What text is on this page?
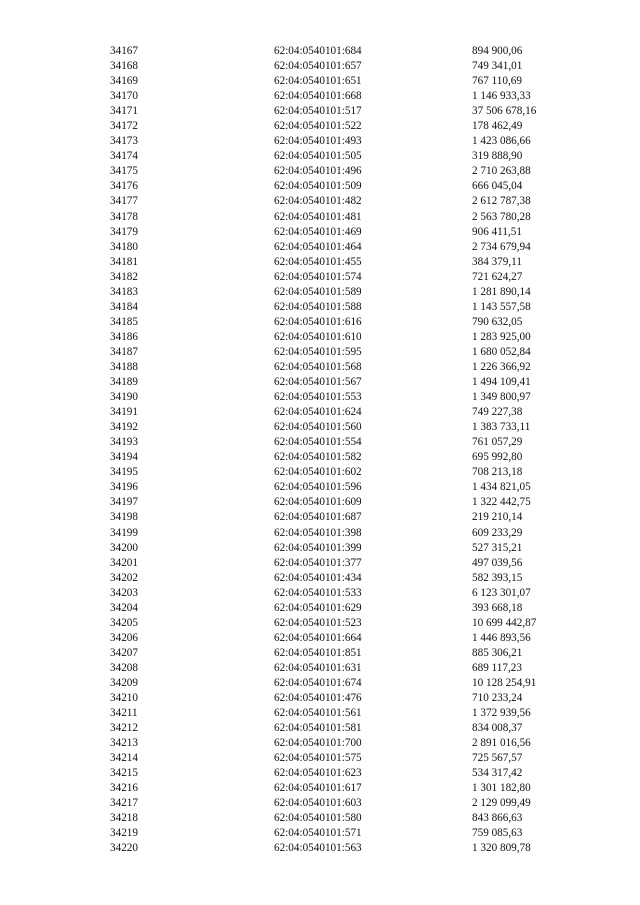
34167	62:04:0540101:684	894 900,06
34168	62:04:0540101:657	749 341,01
34169	62:04:0540101:651	767 110,69
34170	62:04:0540101:668	1 146 933,33
34171	62:04:0540101:517	37 506 678,16
34172	62:04:0540101:522	178 462,49
34173	62:04:0540101:493	1 423 086,66
34174	62:04:0540101:505	319 888,90
34175	62:04:0540101:496	2 710 263,88
34176	62:04:0540101:509	666 045,04
34177	62:04:0540101:482	2 612 787,38
34178	62:04:0540101:481	2 563 780,28
34179	62:04:0540101:469	906 411,51
34180	62:04:0540101:464	2 734 679,94
34181	62:04:0540101:455	384 379,11
34182	62:04:0540101:574	721 624,27
34183	62:04:0540101:589	1 281 890,14
34184	62:04:0540101:588	1 143 557,58
34185	62:04:0540101:616	790 632,05
34186	62:04:0540101:610	1 283 925,00
34187	62:04:0540101:595	1 680 052,84
34188	62:04:0540101:568	1 226 366,92
34189	62:04:0540101:567	1 494 109,41
34190	62:04:0540101:553	1 349 800,97
34191	62:04:0540101:624	749 227,38
34192	62:04:0540101:560	1 383 733,11
34193	62:04:0540101:554	761 057,29
34194	62:04:0540101:582	695 992,80
34195	62:04:0540101:602	708 213,18
34196	62:04:0540101:596	1 434 821,05
34197	62:04:0540101:609	1 322 442,75
34198	62:04:0540101:687	219 210,14
34199	62:04:0540101:398	609 233,29
34200	62:04:0540101:399	527 315,21
34201	62:04:0540101:377	497 039,56
34202	62:04:0540101:434	582 393,15
34203	62:04:0540101:533	6 123 301,07
34204	62:04:0540101:629	393 668,18
34205	62:04:0540101:523	10 699 442,87
34206	62:04:0540101:664	1 446 893,56
34207	62:04:0540101:851	885 306,21
34208	62:04:0540101:631	689 117,23
34209	62:04:0540101:674	10 128 254,91
34210	62:04:0540101:476	710 233,24
34211	62:04:0540101:561	1 372 939,56
34212	62:04:0540101:581	834 008,37
34213	62:04:0540101:700	2 891 016,56
34214	62:04:0540101:575	725 567,57
34215	62:04:0540101:623	534 317,42
34216	62:04:0540101:617	1 301 182,80
34217	62:04:0540101:603	2 129 099,49
34218	62:04:0540101:580	843 866,63
34219	62:04:0540101:571	759 085,63
34220	62:04:0540101:563	1 320 809,78
